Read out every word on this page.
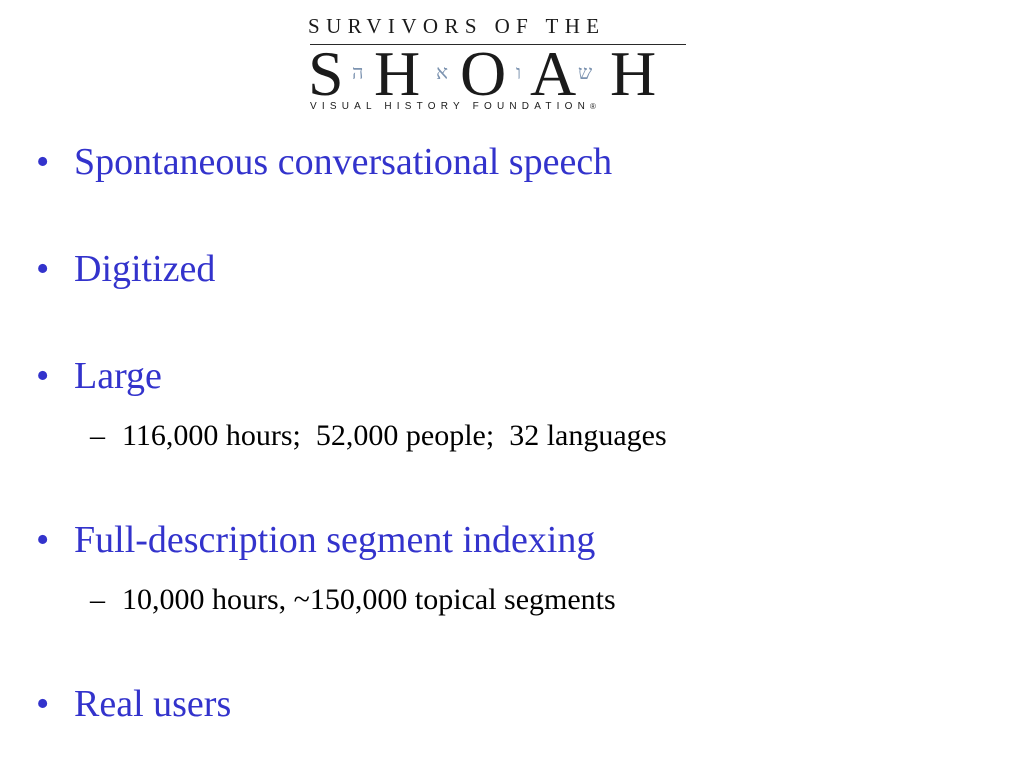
SURVIVORS OF THE
S ה H א O ו A ש H
VISUAL HISTORY FOUNDATION®
• Spontaneous conversational speech
• Digitized
• Large
– 116,000 hours;  52,000 people;  32 languages
• Full-description segment indexing
– 10,000 hours, ~150,000 topical segments
• Real users
